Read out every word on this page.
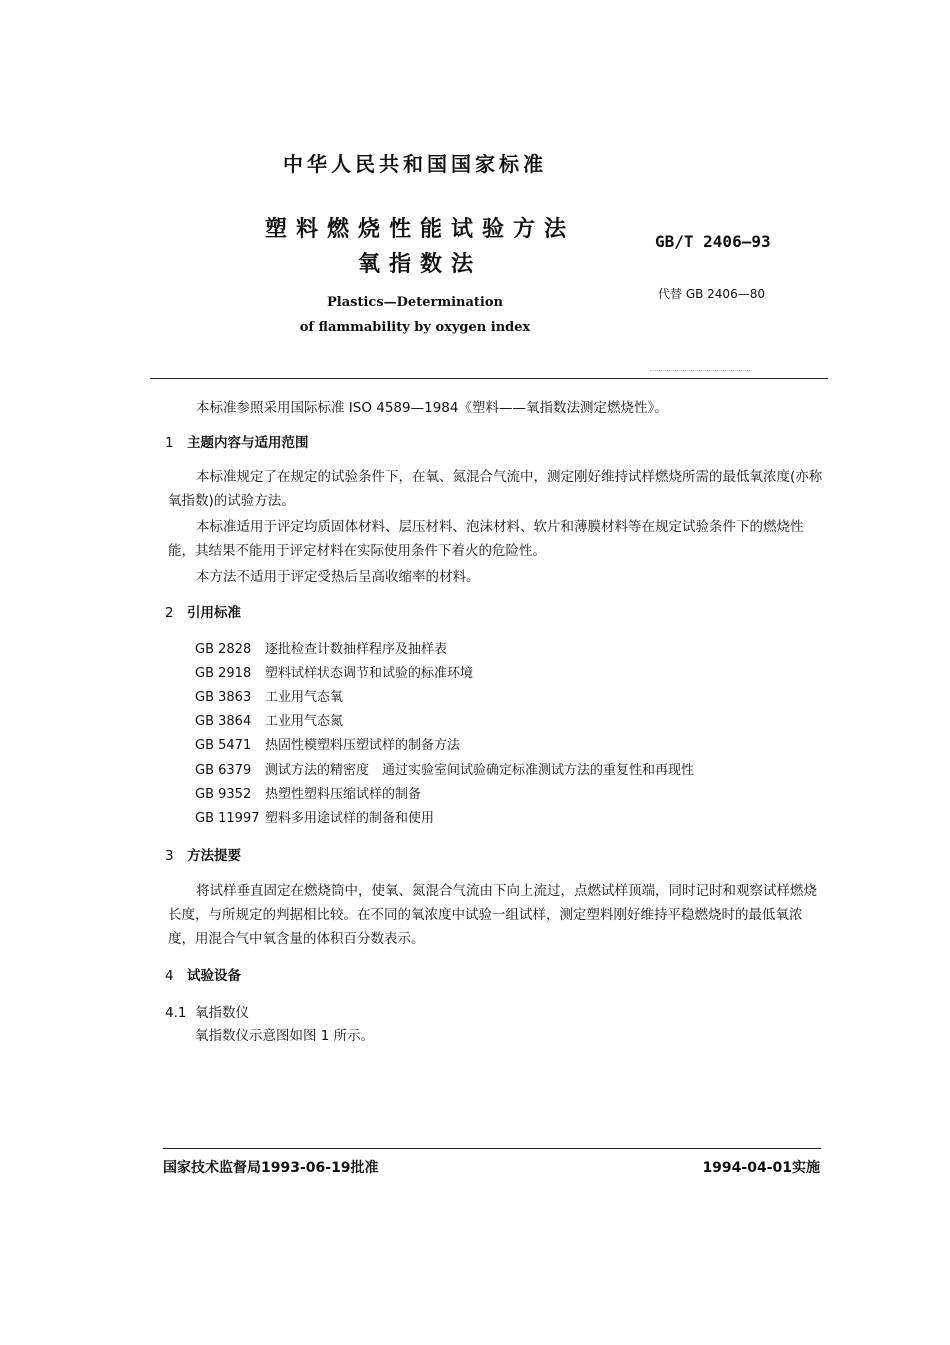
中华人民共和国国家标准
塑料燃烧性能试验方法
氧指数法
Plastics—Determination
of flammability by oxygen index
GB/T 2406—93
代替 GB 2406—80
本标准参照采用国际标准 ISO 4589—1984《塑料——氧指数法测定燃烧性》。
1 主题内容与适用范围
本标准规定了在规定的试验条件下，在氧、氮混合气流中，测定刚好维持试样燃烧所需的最低氧浓度(亦称氧指数)的试验方法。
本标准适用于评定均质固体材料、层压材料、泡沫材料、软片和薄膜材料等在规定试验条件下的燃烧性能，其结果不能用于评定材料在实际使用条件下着火的危险性。
本方法不适用于评定受热后呈高收缩率的材料。
2 引用标准
GB 2828 逐批检查计数抽样程序及抽样表
GB 2918 塑料试样状态调节和试验的标准环境
GB 3863 工业用气态氧
GB 3864 工业用气态氮
GB 5471 热固性模塑料压塑试样的制备方法
GB 6379 测试方法的精密度　通过实验室间试验确定标准测试方法的重复性和再现性
GB 9352 热塑性塑料压缩试样的制备
GB 11997 塑料多用途试样的制备和使用
3 方法提要
将试样垂直固定在燃烧筒中，使氧、氮混合气流由下向上流过，点燃试样顶端，同时记时和观察试样燃烧长度，与所规定的判据相比较。在不同的氧浓度中试验一组试样，测定塑料刚好维持平稳燃烧时的最低氧浓度，用混合气中氧含量的体积百分数表示。
4 试验设备
4.1 氧指数仪
氧指数仪示意图如图 1 所示。
国家技术监督局1993-06-19批准	1994-04-01实施
